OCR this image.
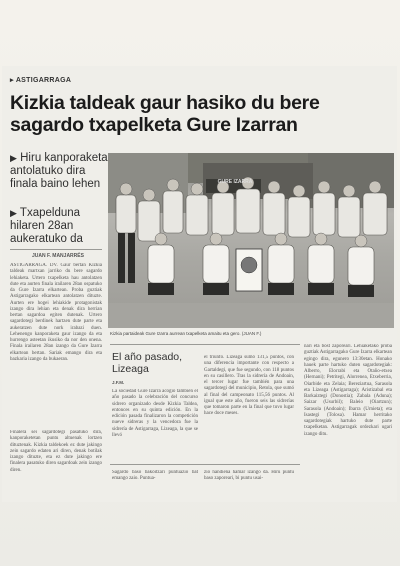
▸ ASTIGARRAGA
Kizkia taldeak gaur hasiko du bere
sagardo txapelketa Gure Izarran
▶ Hiru kanporaketa antolatuko dira finala baino lehen
▶ Txapelduna hilaren 28an aukeratuko da
JUAN F. MANJARRÉS
ASTIGARRAGA. DV. Gaur bertan Kizkia taldeak martxan jarriko du bere sagardo lehiaketa. Urtero txapelketa hau antolatzen dute eta aurten finala irailaren 28an ospatuko da Gure Izarra elkartean. Proba guztiak Astigarragako elkartean antolatzen dituzte. Aurten ere hogei lehiakide protagonistak izango dira lehian eta denak dira herrian bertan sagardoa egiten dutenak. Urtero sagardotegi berdinek hartzen dute parte eta aukeratzen dute nork irabazi duen. Lehenengo kanporaketa gaur izango da eta hurrengo asteetan ikusiko da nor den onena. Finala irailaren 28an izango da Gure Izarra elkartean bertan. Sariak emango dira eta bazkaria izango da bukaeran.
Finalera sei sagardotegi pasatuko dira, kanporaketetan puntu altuenak lortzen dituztenak. Kizkia taldekoek ez dute jakingo zein sagardo edaten ari diren, denak botilak izango dituzte, eta ez dute jakingo ere finalera pasatuko diren sagardoak zein izango diren.
GURE IZARRA
Kizkia partaideak Gure Izarra aurrean txapelketa amaitu eta gero. (JUAN F.)
El año pasado,
Lizeaga
J.F.M.
La sociedad Gure Izarra acogió también el año pasado la celebración del concurso sidrero organizado desde Kizkia Taldea, entonces en su quinta edición. En la edición pasada finalizaron la competición nueve sidreras y la vencedora fue la sidrería de Astigarraga, Lizeaga, la que se llevó
el triunfo. Lizeaga sumó 131,5 puntos, con una diferencia importante con respecto a Gartaldegi, que fue segundo, con 118 puntos en su casillero. Tras la sidrería de Andoain, el tercer lugar fue también para una sagardotegi del municipio, Retola, que sumó al final del campeonato 115,56 puntos. Al igual que este año, fueron seis las sidrerías que tomaron parte en la final que tuvo lugar hace doce meses.
Sagardo baso bakoitzari puntuazio bat emango zaio. Puntua-
zio handiena hamar izango da. Hiru puntu baso zaporeari, bi puntu usai-
nari eta bost zaporeari. Lehiaketako proba guztiak Astigarragako Gure Izarra elkartean egingo dira, egunero 13:30etan. Honako hauek parte hartuko duten sagardotegiak: Alberro, Elorrabi eta Otaño-etxea (Hernani); Petritegi, Alorrenea, Etxeberria, Oiarbide eta Zelaia; Bereziartua, Sarasola eta Lizeaga (Astigarraga); Aristizabal eta Barkaiztegi (Donostia); Zabala (Aduna); Saizar (Usurbil); Baleio (Oiartzun); Sarasola (Andoain); Ibarra (Urnieta); eta Isastegi (Tolosa). Hamar herritako sagardotegiak hartuko dute parte txapelketan. Astigarragak ordezkari ugari izango ditu.
